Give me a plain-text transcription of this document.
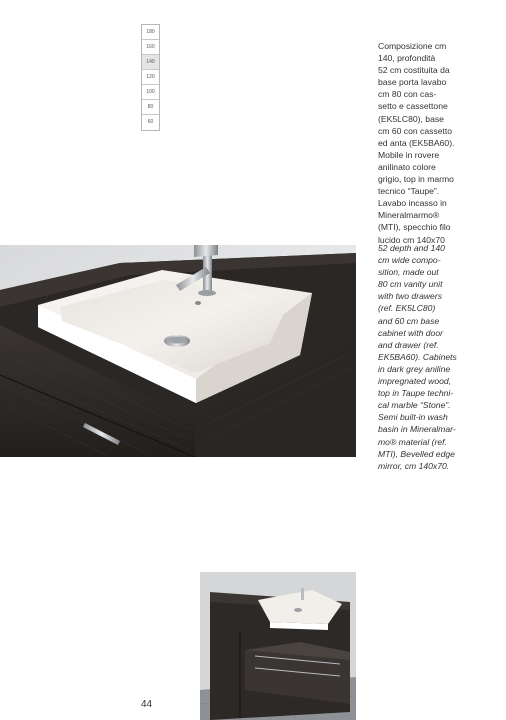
180
160
140
120
100
80
60

Composizione cm
140, profondità
52 cm costituita da
base porta lavabo
cm 80 con cas-
setto e cassettone
(EK5LC80), base
cm 60 con cassetto
ed anta (EK5BA60).
Mobile in rovere
anilinato colore
grigio, top in marmo
tecnico “Taupe”.
Lavabo incasso in
Mineralmarmo®
(MTI), specchio filo
lucido cm 140x70

52 depth and 140
cm wide compo-
sition, made out
80 cm vanity unit
with two drawers
(ref. EK5LC80)
and 60 cm base
cabinet with door
and drawer (ref.
EK5BA60). Cabinets
in dark grey aniline
impregnated wood,
top in Taupe techni-
cal marble “Stone”.
Semi built-in wash
basin in Mineralmar-
mo® material (ref.
MTI), Bevelled edge
mirror, cm 140x70.

44
